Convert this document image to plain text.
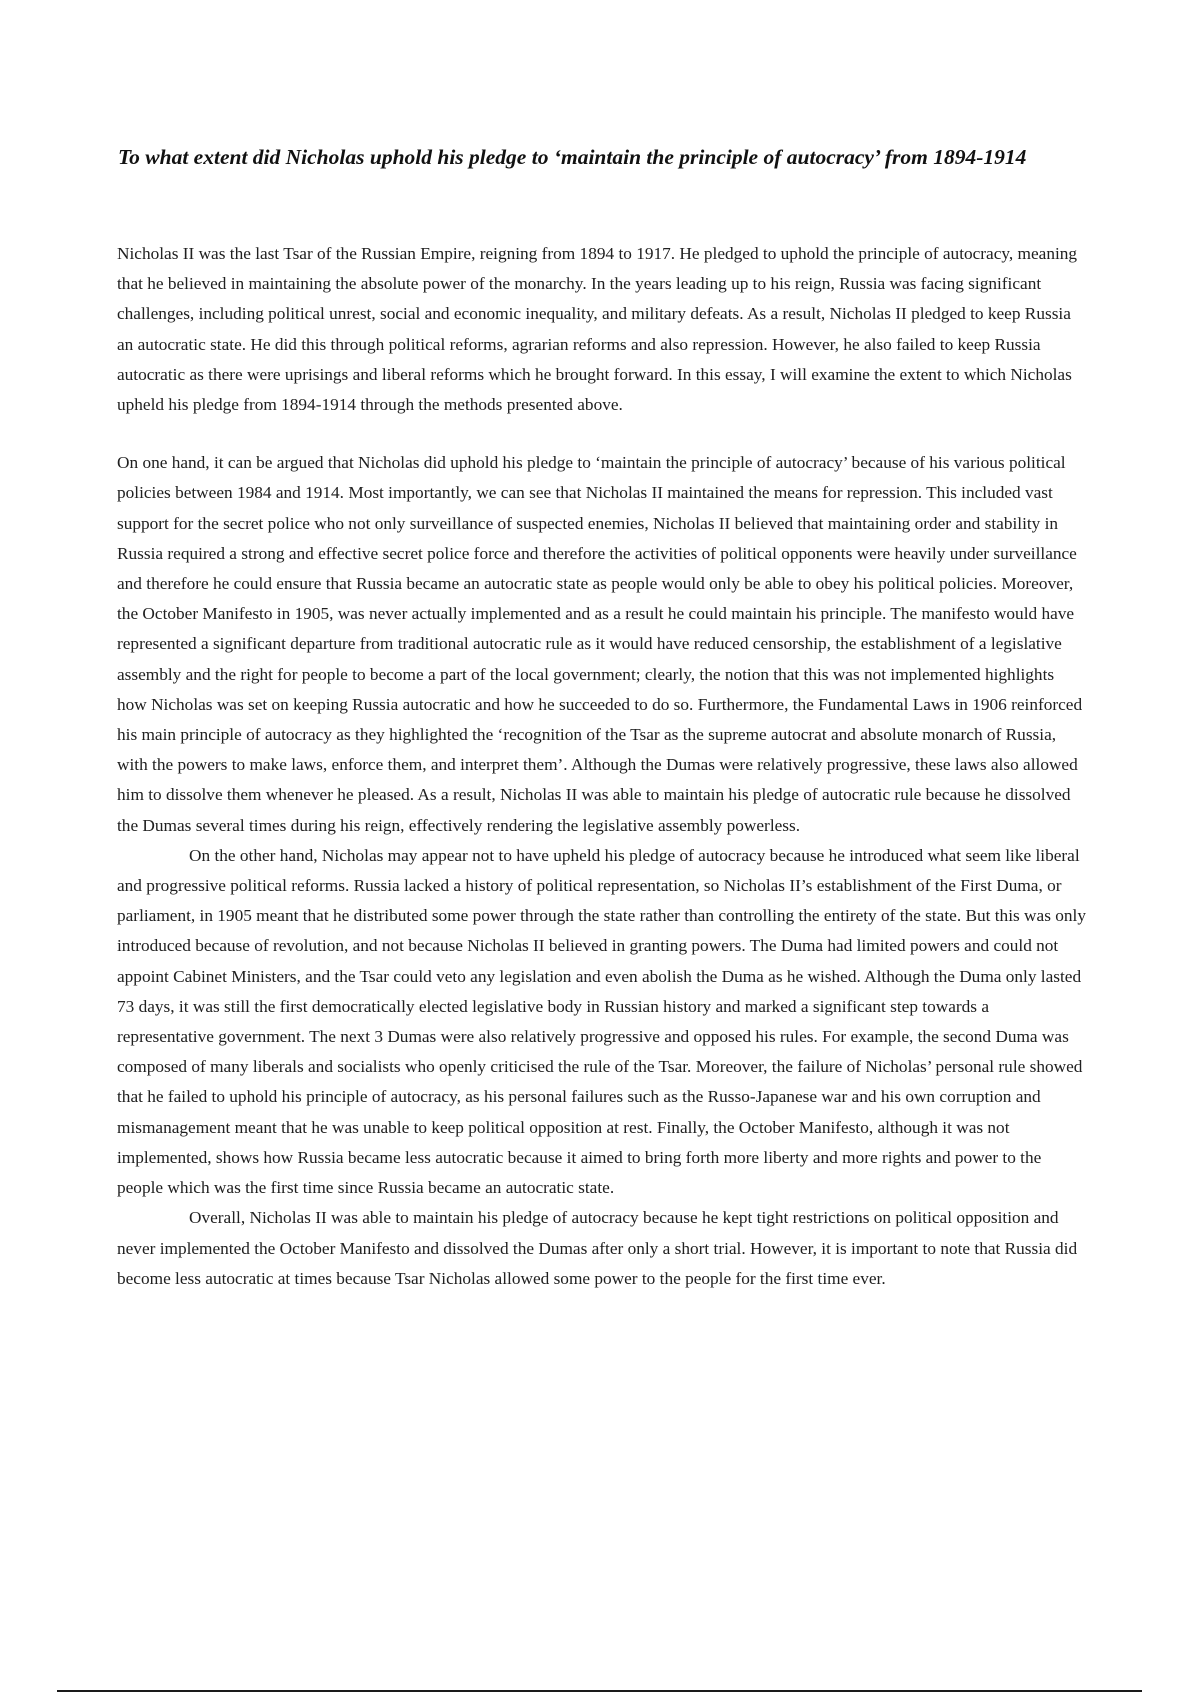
To what extent did Nicholas uphold his pledge to ‘maintain the principle of autocracy’ from 1894-1914

Nicholas II was the last Tsar of the Russian Empire, reigning from 1894 to 1917. He pledged to uphold the principle of autocracy, meaning that he believed in maintaining the absolute power of the monarchy. In the years leading up to his reign, Russia was facing significant challenges, including political unrest, social and economic inequality, and military defeats. As a result, Nicholas II pledged to keep Russia an autocratic state. He did this through political reforms, agrarian reforms and also repression. However, he also failed to keep Russia autocratic as there were uprisings and liberal reforms which he brought forward. In this essay, I will examine the extent to which Nicholas upheld his pledge from 1894-1914 through the methods presented above.

On one hand, it can be argued that Nicholas did uphold his pledge to ‘maintain the principle of autocracy’ because of his various political policies between 1984 and 1914. Most importantly, we can see that Nicholas II maintained the means for repression. This included vast support for the secret police who not only surveillance of suspected enemies, Nicholas II believed that maintaining order and stability in Russia required a strong and effective secret police force and therefore the activities of political opponents were heavily under surveillance and therefore he could ensure that Russia became an autocratic state as people would only be able to obey his political policies. Moreover, the October Manifesto in 1905, was never actually implemented and as a result he could maintain his principle. The manifesto would have represented a significant departure from traditional autocratic rule as it would have reduced censorship, the establishment of a legislative assembly and the right for people to become a part of the local government; clearly, the notion that this was not implemented highlights how Nicholas was set on keeping Russia autocratic and how he succeeded to do so. Furthermore, the Fundamental Laws in 1906 reinforced his main principle of autocracy as they highlighted the ‘recognition of the Tsar as the supreme autocrat and absolute monarch of Russia, with the powers to make laws, enforce them, and interpret them’. Although the Dumas were relatively progressive, these laws also allowed him to dissolve them whenever he pleased. As a result, Nicholas II was able to maintain his pledge of autocratic rule because he dissolved the Dumas several times during his reign, effectively rendering the legislative assembly powerless.

On the other hand, Nicholas may appear not to have upheld his pledge of autocracy because he introduced what seem like liberal and progressive political reforms. Russia lacked a history of political representation, so Nicholas II’s establishment of the First Duma, or parliament, in 1905 meant that he distributed some power through the state rather than controlling the entirety of the state. But this was only introduced because of revolution, and not because Nicholas II believed in granting powers. The Duma had limited powers and could not appoint Cabinet Ministers, and the Tsar could veto any legislation and even abolish the Duma as he wished. Although the Duma only lasted 73 days, it was still the first democratically elected legislative body in Russian history and marked a significant step towards a representative government. The next 3 Dumas were also relatively progressive and opposed his rules. For example, the second Duma was composed of many liberals and socialists who openly criticised the rule of the Tsar. Moreover, the failure of Nicholas’ personal rule showed that he failed to uphold his principle of autocracy, as his personal failures such as the Russo-Japanese war and his own corruption and mismanagement meant that he was unable to keep political opposition at rest. Finally, the October Manifesto, although it was not implemented, shows how Russia became less autocratic because it aimed to bring forth more liberty and more rights and power to the people which was the first time since Russia became an autocratic state.

Overall, Nicholas II was able to maintain his pledge of autocracy because he kept tight restrictions on political opposition and never implemented the October Manifesto and dissolved the Dumas after only a short trial. However, it is important to note that Russia did become less autocratic at times because Tsar Nicholas allowed some power to the people for the first time ever.
